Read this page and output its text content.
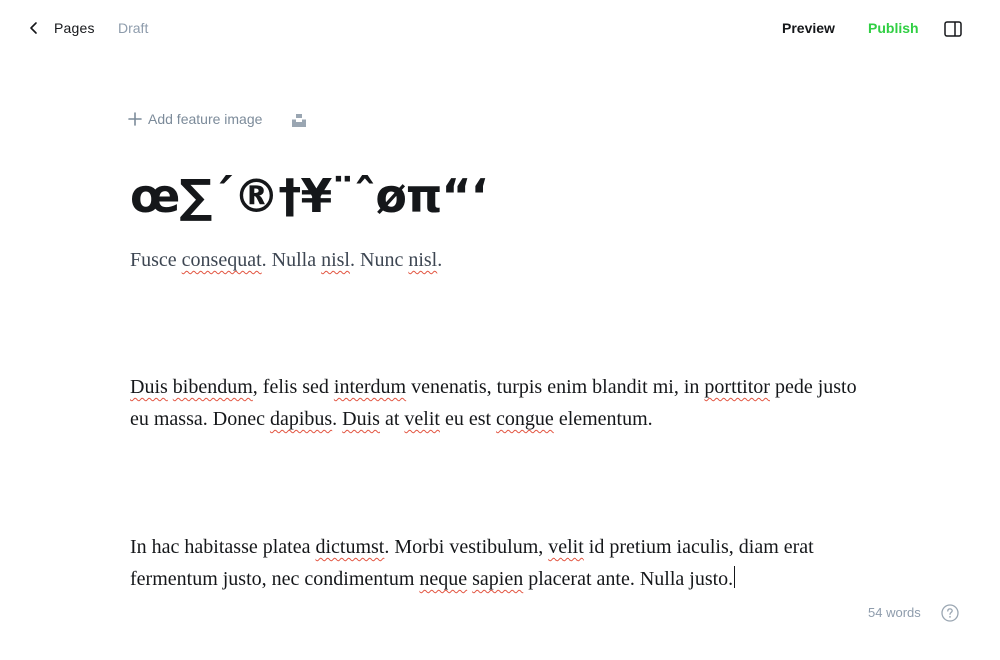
Pages Draft	Preview Publish
Add feature image
œ∑´®†¥¨ˆøπ“‘
Fusce consequat. Nulla nisl. Nunc nisl.
Duis bibendum, felis sed interdum venenatis, turpis enim blandit mi, in porttitor pede justo eu massa. Donec dapibus. Duis at velit eu est congue elementum.
In hac habitasse platea dictumst. Morbi vestibulum, velit id pretium iaculis, diam erat fermentum justo, nec condimentum neque sapien placerat ante. Nulla justo.
54 words
